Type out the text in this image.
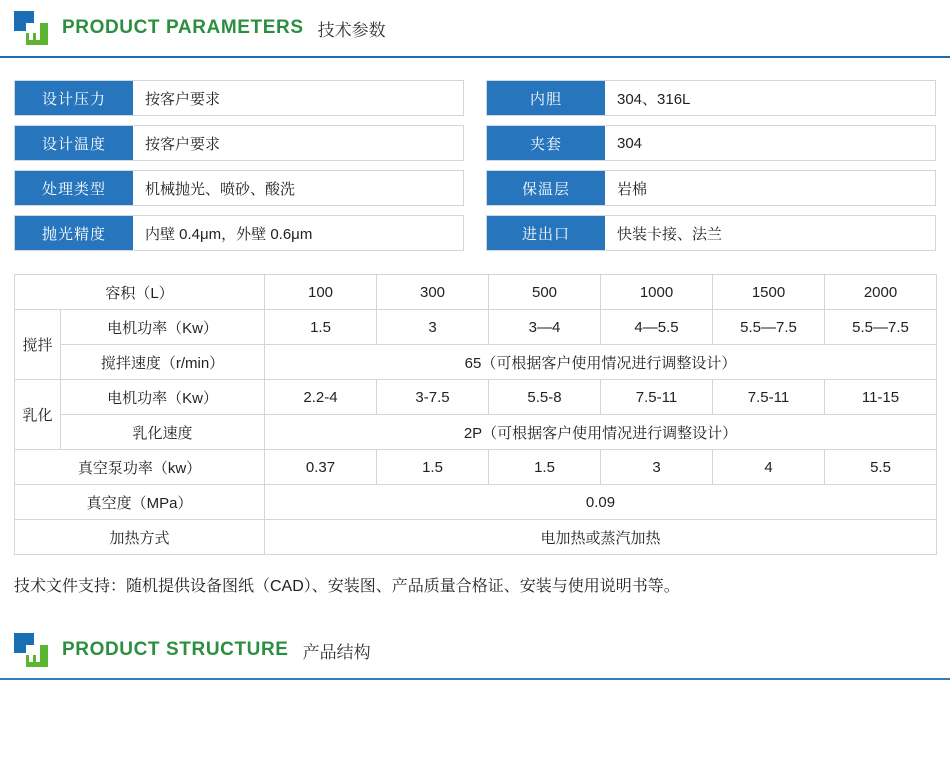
PRODUCT PARAMETERS 技术参数
设计压力	按客户要求
设计温度	按客户要求
处理类型	机械抛光、喷砂、酸洗
抛光精度	内壁 0.4μm，外壁 0.6μm
内胆	304、316L
夹套	304
保温层	岩棉
进出口	快装卡接、法兰
容积（L）		100	300	500	1000	1500	2000
搅拌	电机功率（Kw）	1.5	3	3—4	4—5.5	5.5—7.5	5.5—7.5
	搅拌速度（r/min）	65（可根据客户使用情况进行调整设计）					
乳化	电机功率（Kw）	2.2-4	3-7.5	5.5-8	7.5-11	7.5-11	11-15
	乳化速度	2P（可根据客户使用情况进行调整设计）					
真空泵功率（kw）		0.37	1.5	1.5	3	4	5.5
真空度（MPa）		0.09					
加热方式		电加热或蒸汽加热					
技术文件支持：随机提供设备图纸（CAD）、安装图、产品质量合格证、安装与使用说明书等。
PRODUCT STRUCTURE 产品结构
